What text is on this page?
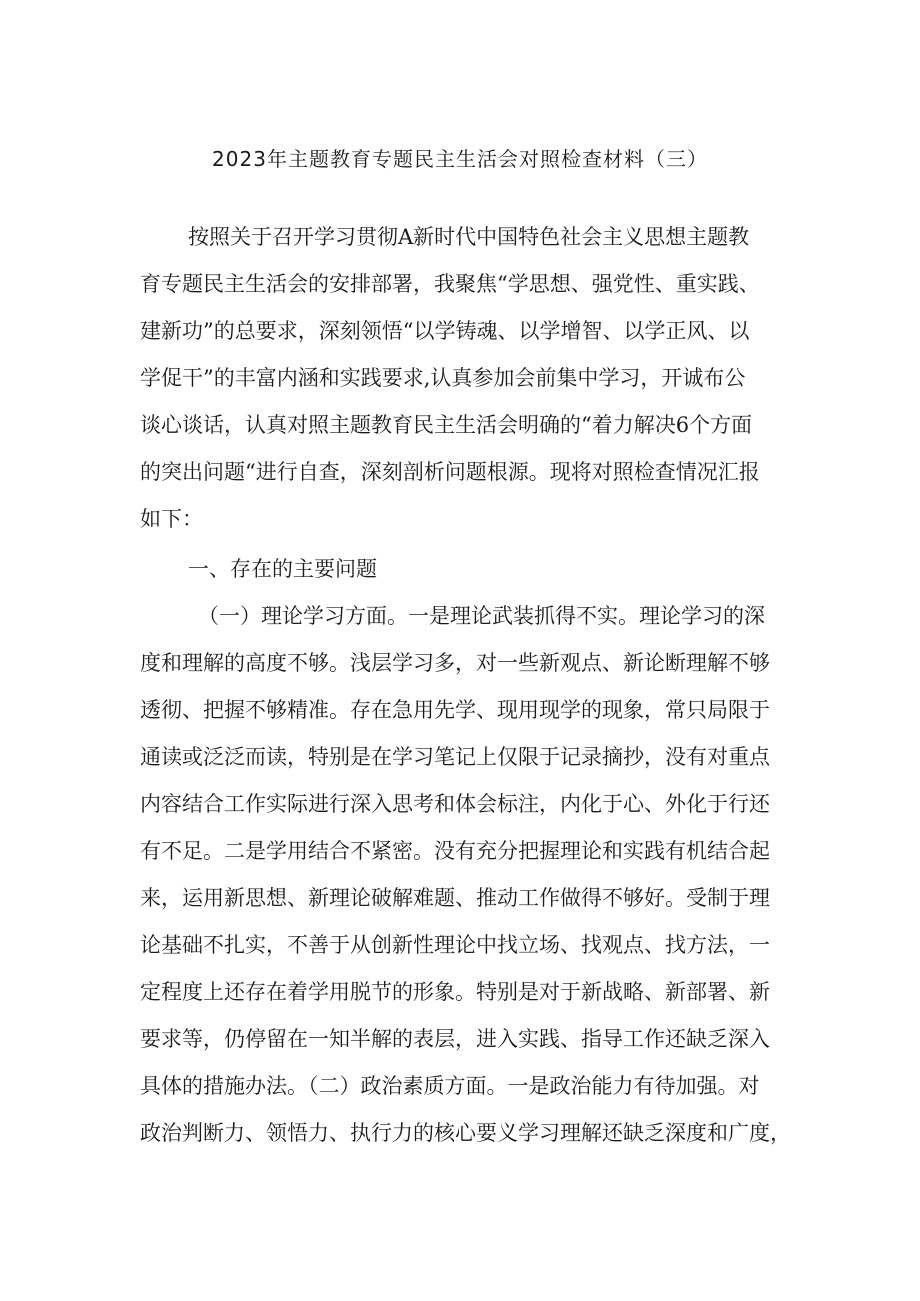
2023年主题教育专题民主生活会对照检查材料（三）
按照关于召开学习贯彻A新时代中国特色社会主义思想主题教
育专题民主生活会的安排部署，我聚焦“学思想、强党性、重实践、
建新功”的总要求，深刻领悟“以学铸魂、以学增智、以学正风、以
学促干”的丰富内涵和实践要求,认真参加会前集中学习，开诚布公
谈心谈话，认真对照主题教育民主生活会明确的“着力解决6个方面
的突出问题“进行自查，深刻剖析问题根源。现将对照检查情况汇报
如下：
一、存在的主要问题
（一）理论学习方面。一是理论武装抓得不实。理论学习的深
度和理解的高度不够。浅层学习多，对一些新观点、新论断理解不够
透彻、把握不够精准。存在急用先学、现用现学的现象，常只局限于
通读或泛泛而读，特别是在学习笔记上仅限于记录摘抄，没有对重点
内容结合工作实际进行深入思考和体会标注，内化于心、外化于行还
有不足。二是学用结合不紧密。没有充分把握理论和实践有机结合起
来，运用新思想、新理论破解难题、推动工作做得不够好。受制于理
论基础不扎实，不善于从创新性理论中找立场、找观点、找方法，一
定程度上还存在着学用脱节的形象。特别是对于新战略、新部署、新
要求等，仍停留在一知半解的表层，进入实践、指导工作还缺乏深入
具体的措施办法。（二）政治素质方面。一是政治能力有待加强。对
政治判断力、领悟力、执行力的核心要义学习理解还缺乏深度和广度，
